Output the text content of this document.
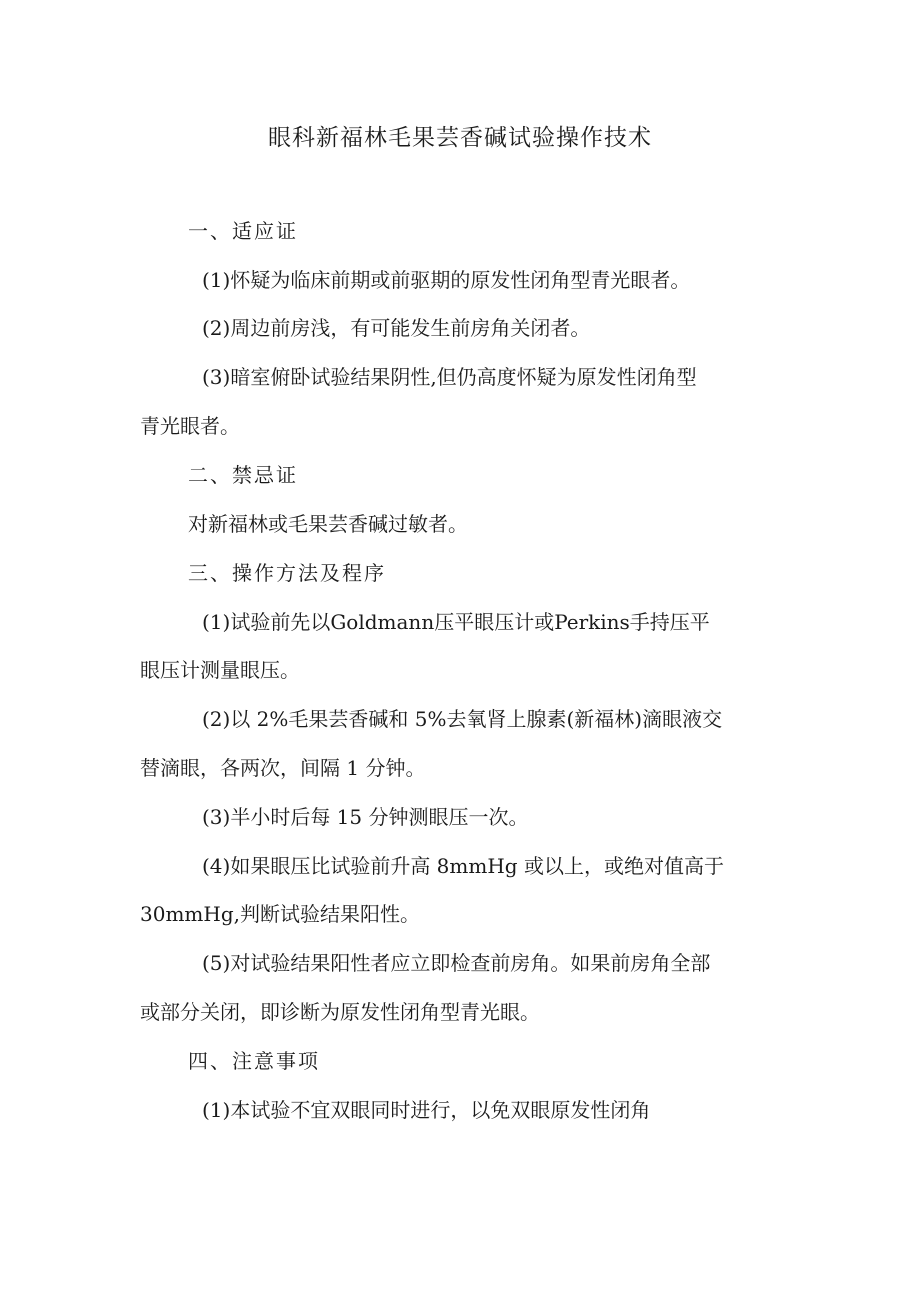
眼科新福林毛果芸香碱试验操作技术
一、适应证
(1)怀疑为临床前期或前驱期的原发性闭角型青光眼者。
(2)周边前房浅，有可能发生前房角关闭者。
(3)暗室俯卧试验结果阴性,但仍高度怀疑为原发性闭角型
青光眼者。
二、禁忌证
对新福林或毛果芸香碱过敏者。
三、操作方法及程序
(1)试验前先以Goldmann压平眼压计或Perkins手持压平
眼压计测量眼压。
(2)以 2%毛果芸香碱和 5%去氧肾上腺素(新福林)滴眼液交
替滴眼，各两次，间隔 1 分钟。
(3)半小时后每 15 分钟测眼压一次。
(4)如果眼压比试验前升高 8mmHg 或以上，或绝对值高于
30mmHg,判断试验结果阳性。
(5)对试验结果阳性者应立即检查前房角。如果前房角全部
或部分关闭，即诊断为原发性闭角型青光眼。
四、注意事项
(1)本试验不宜双眼同时进行，以免双眼原发性闭角
